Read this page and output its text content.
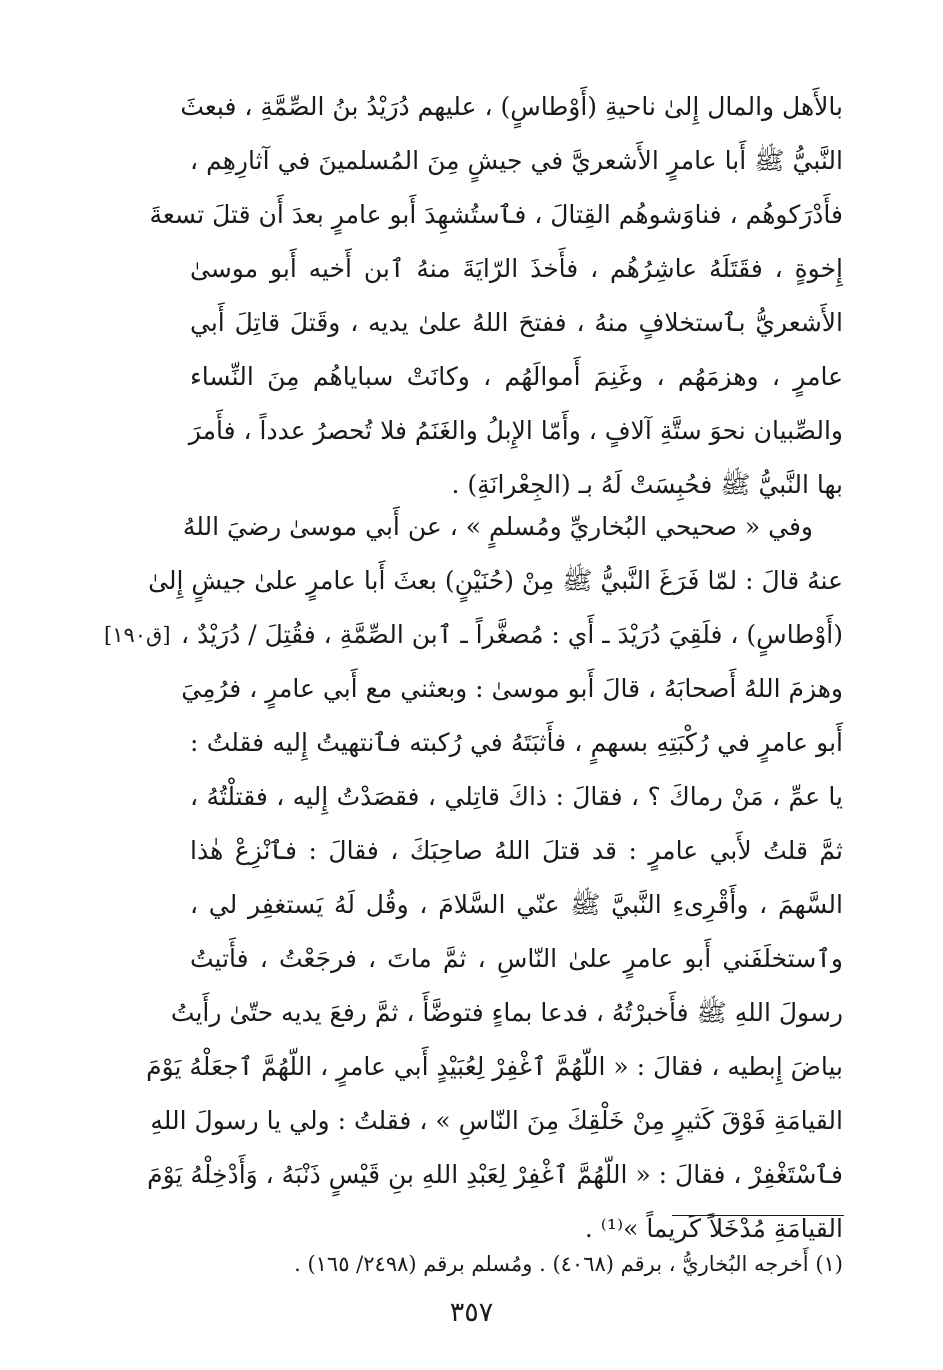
بالأَهل والمال إِلىٰ ناحيةِ (أَوْطاسٍ) ، عليهم دُرَيْدُ بنُ الصِّمَّةِ ، فبعثَ
النَّبيُّ ﷺ أَبا عامرٍ الأَشعريَّ في جيشٍ مِنَ المُسلمينَ في آثارِهِم ،
فأَدْرَكوهُم ، فناوَشوهُم القِتالَ ، فٱستُشهِدَ أَبو عامرٍ بعدَ أَن قتلَ تسعةَ
إِخوةٍ ، فقَتَلَهُ عاشِرُهُم ، فأَخذَ الرّايَةَ منهُ ٱبن أَخيه أَبو موسىٰ
الأَشعريُّ بٱستخلافٍ منهُ ، ففتحَ اللهُ علىٰ يديه ، وقَتلَ قاتِلَ أَبي
عامرٍ ، وهزمَهُم ، وغَنِمَ أَموالَهُم ، وكانَتْ سباياهُم مِنَ النِّساء
والصِّبيان نحوَ ستَّةِ آلافٍ ، وأَمّا الإِبلُ والغَنَمُ فلا تُحصرُ عدداً ، فأَمرَ
بها النَّبيُّ ﷺ فحُبِسَتْ لَهُ بـ (الجِعْرانَةِ) .
وفي « صحيحي البُخاريِّ ومُسلمٍ » ، عن أَبي موسىٰ رضيَ اللهُ
عنهُ قالَ : لمّا فَرَغَ النَّبيُّ ﷺ مِنْ (حُنَيْنٍ) بعثَ أَبا عامرٍ علىٰ جيشٍ إِلىٰ
(أَوْطاسٍ) ، فلَقِيَ دُرَيْدَ ـ أَي : مُصغَّراً ـ ٱبن الصِّمَّةِ ، فقُتِلَ / دُرَيْدٌ ،
وهزمَ اللهُ أَصحابَهُ ، قالَ أَبو موسىٰ : وبعثني مع أَبي عامرٍ ، فرُمِيَ
أَبو عامرٍ في رُكْبَتِهِ بسهمٍ ، فأَثبَتَهُ في رُكبته فٱنتهيتُ إِليه فقلتُ :
يا عمِّ ، مَنْ رماكَ ؟ ، فقالَ : ذاكَ قاتِلي ، فقصَدْتُ إِليه ، فقتلْتُهُ ،
ثمَّ قلتُ لأَبي عامرٍ : قد قتلَ اللهُ صاحِبَكَ ، فقالَ : فٱنْزِعْ هٰذا
السَّهمَ ، وأَقْرِىءِ النَّبيَّ ﷺ عنّي السَّلامَ ، وقُل لَهُ يَستغفِر لي ،
وٱستخلَفَني أَبو عامرٍ علىٰ النّاسِ ، ثمَّ ماتَ ، فرجَعْتُ ، فأَتيتُ
رسولَ اللهِ ﷺ فأَخبرْتُهُ ، فدعا بماءٍ فتوضَّأَ ، ثمَّ رفعَ يديه حتّىٰ رأَيتُ
بياضَ إِبطيه ، فقالَ : « اللّهُمَّ ٱغْفِرْ لِعُبَيْدٍ أَبي عامرٍ ، اللّهُمَّ ٱجعَلْهُ يَوْمَ
القيامَةِ فَوْقَ كَثيرٍ مِنْ خَلْقِكَ مِنَ النّاسِ » ، فقلتُ : ولي يا رسولَ اللهِ
فٱسْتَغْفِرْ ، فقالَ : « اللّهُمَّ ٱغْفِرْ لِعَبْدِ اللهِ بنِ قَيْسٍ ذَنْبَهُ ، وَأَدْخِلْهُ يَوْمَ
القيامَةِ مُدْخَلاً كَريماً »⁽¹⁾ .
[ق١٩٠]
(١) أَخرجه البُخاريُّ ، برقم (٤٠٦٨) . ومُسلم برقم (٢٤٩٨/ ١٦٥) .
٣٥٧
